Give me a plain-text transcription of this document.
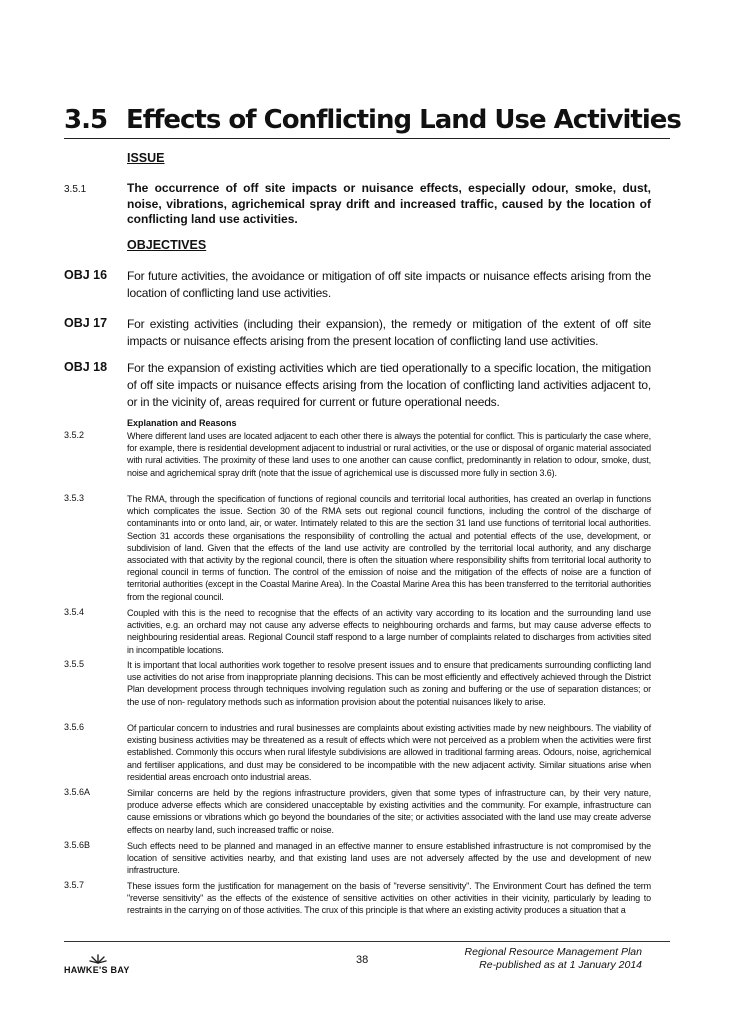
3.5 Effects of Conflicting Land Use Activities
ISSUE
3.5.1	The occurrence of off site impacts or nuisance effects, especially odour, smoke, dust, noise, vibrations, agrichemical spray drift and increased traffic, caused by the location of conflicting land use activities.
OBJECTIVES
OBJ 16 For future activities, the avoidance or mitigation of off site impacts or nuisance effects arising from the location of conflicting land use activities.
OBJ 17 For existing activities (including their expansion), the remedy or mitigation of the extent of off site impacts or nuisance effects arising from the present location of conflicting land use activities.
OBJ 18 For the expansion of existing activities which are tied operationally to a specific location, the mitigation of off site impacts or nuisance effects arising from the location of conflicting land activities adjacent to, or in the vicinity of, areas required for current or future operational needs.
Explanation and Reasons
3.5.2	Where different land uses are located adjacent to each other there is always the potential for conflict. This is particularly the case where, for example, there is residential development adjacent to industrial or rural activities, or the use or disposal of organic material associated with rural activities. The proximity of these land uses to one another can cause conflict, predominantly in relation to odour, smoke, dust, noise and agrichemical spray drift (note that the issue of agrichemical use is discussed more fully in section 3.6).
3.5.3	The RMA, through the specification of functions of regional councils and territorial local authorities, has created an overlap in functions which complicates the issue. Section 30 of the RMA sets out regional council functions, including the control of the discharge of contaminants into or onto land, air, or water. Intimately related to this are the section 31 land use functions of territorial local authorities. Section 31 accords these organisations the responsibility of controlling the actual and potential effects of the use, development, or subdivision of land. Given that the effects of the land use activity are controlled by the territorial local authority, and any discharge associated with that activity by the regional council, there is often the situation where responsibility shifts from territorial local authority to regional council in terms of function. The control of the emission of noise and the mitigation of the effects of noise are a function of territorial authorities (except in the Coastal Marine Area). In the Coastal Marine Area this has been transferred to the territorial authorities from the regional council.
3.5.4	Coupled with this is the need to recognise that the effects of an activity vary according to its location and the surrounding land use activities, e.g. an orchard may not cause any adverse effects to neighbouring orchards and farms, but may cause adverse effects to neighbouring residential areas. Regional Council staff respond to a large number of complaints related to discharges from activities sited in incompatible locations.
3.5.5	It is important that local authorities work together to resolve present issues and to ensure that predicaments surrounding conflicting land use activities do not arise from inappropriate planning decisions. This can be most efficiently and effectively achieved through the District Plan development process through techniques involving regulation such as zoning and buffering or the use of separation distances; or the use of non- regulatory methods such as information provision about the potential nuisances likely to arise.
3.5.6	Of particular concern to industries and rural businesses are complaints about existing activities made by new neighbours. The viability of existing business activities may be threatened as a result of effects which were not perceived as a problem when the activities were first established. Commonly this occurs when rural lifestyle subdivisions are allowed in traditional farming areas. Odours, noise, agrichemical and fertiliser applications, and dust may be considered to be incompatible with the new adjacent activity. Similar situations arise when residential areas encroach onto industrial areas.
3.5.6A	Similar concerns are held by the regions infrastructure providers, given that some types of infrastructure can, by their very nature, produce adverse effects which are considered unacceptable by existing activities and the community. For example, infrastructure can cause emissions or vibrations which go beyond the boundaries of the site; or activities associated with the land use may create adverse effects on nearby land, such increased traffic or noise.
3.5.6B	Such effects need to be planned and managed in an effective manner to ensure established infrastructure is not compromised by the location of sensitive activities nearby, and that existing land uses are not adversely affected by the use and development of new infrastructure.
3.5.7	These issues form the justification for management on the basis of "reverse sensitivity". The Environment Court has defined the term "reverse sensitivity" as the effects of the existence of sensitive activities on other activities in their vicinity, particularly by leading to restraints in the carrying on of those activities. The crux of this principle is that where an existing activity produces a situation that a
HAWKE'S BAY
38
Regional Resource Management Plan
Re-published as at 1 January 2014
